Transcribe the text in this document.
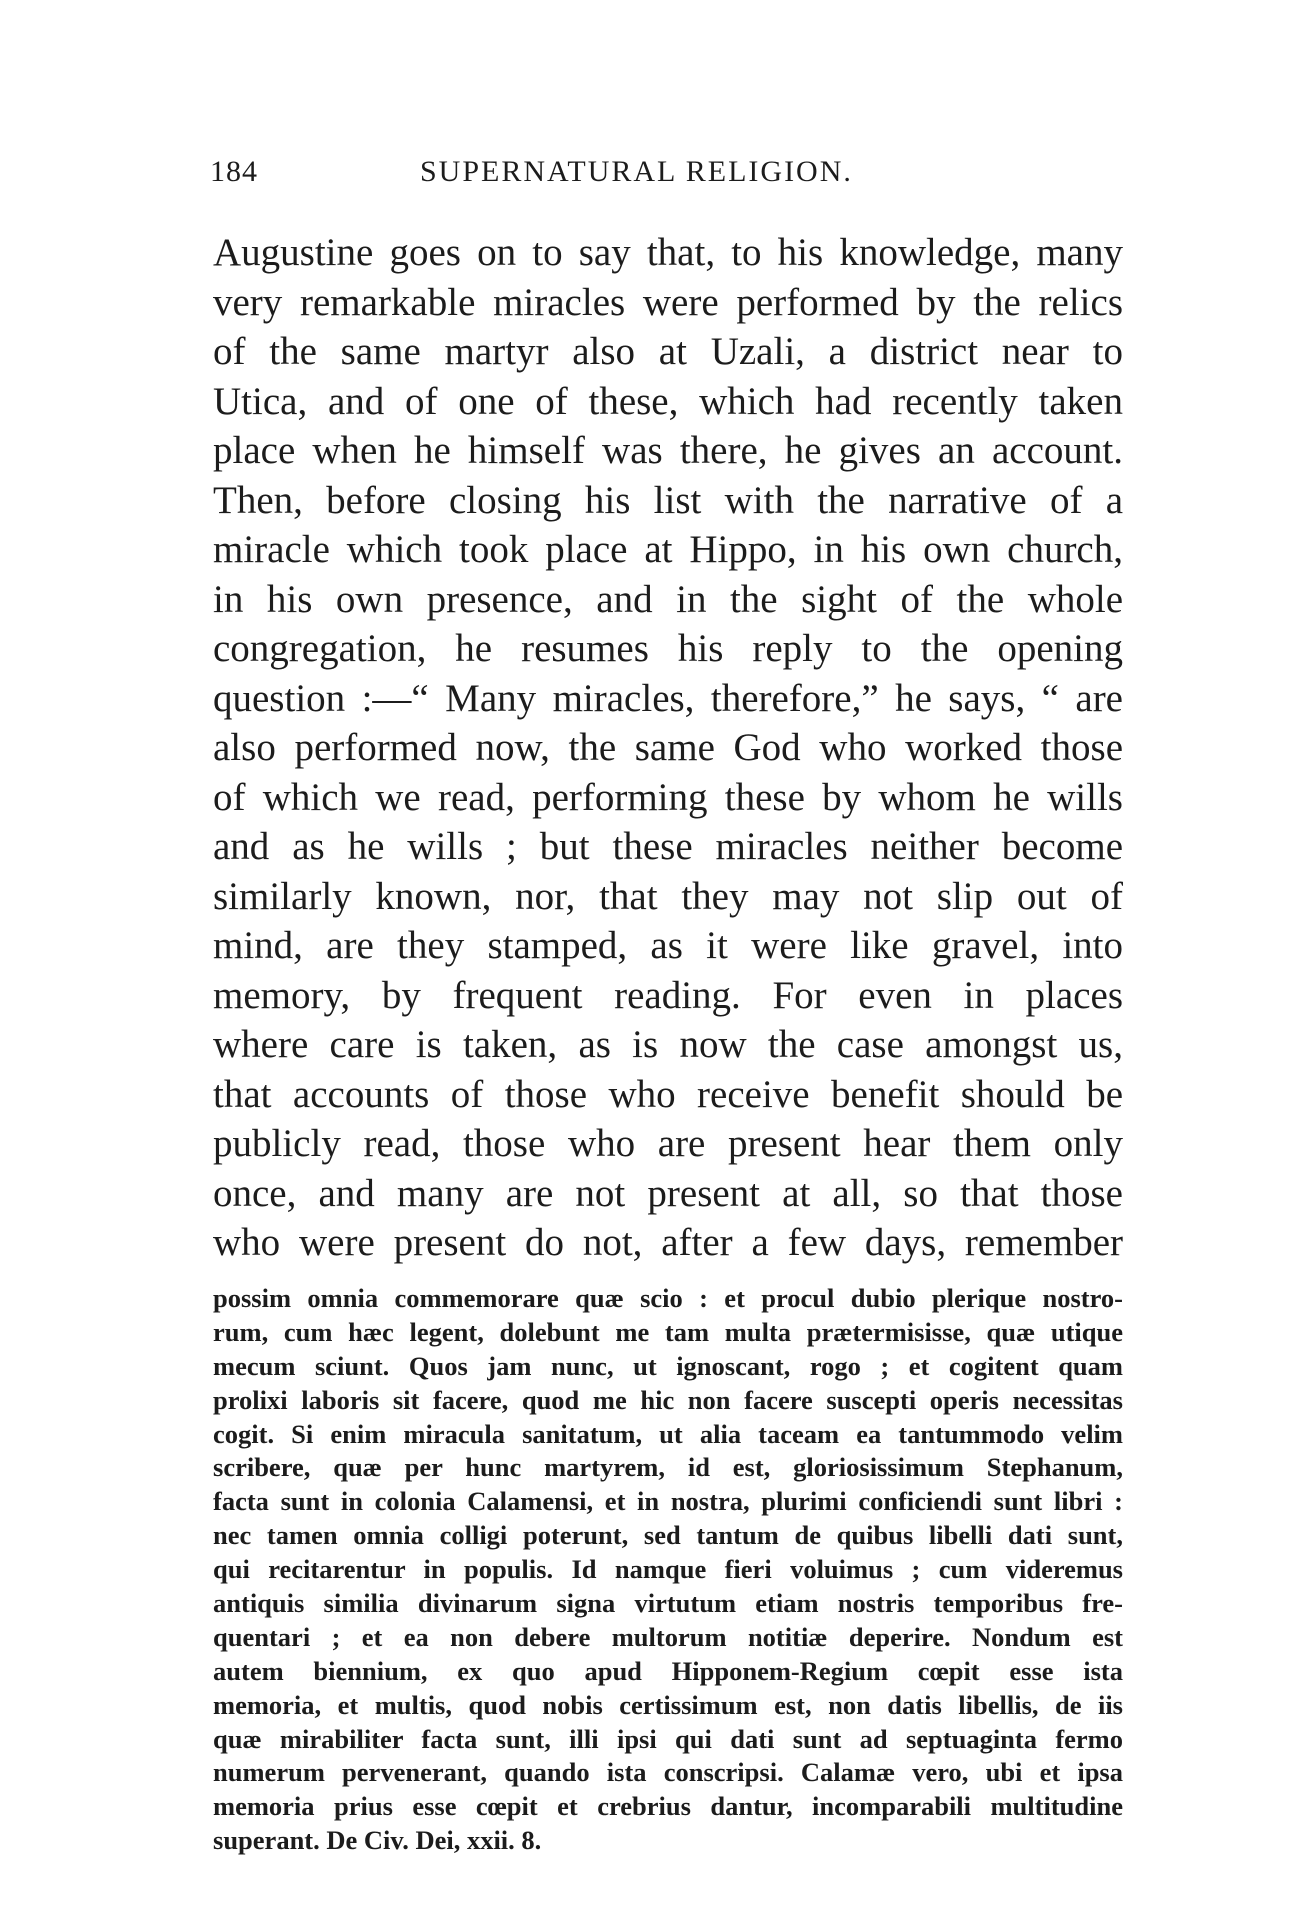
184	SUPERNATURAL RELIGION.
Augustine goes on to say that, to his knowledge, many
very remarkable miracles were performed by the relics
of the same martyr also at Uzali, a district near to
Utica, and of one of these, which had recently taken
place when he himself was there, he gives an account.
Then, before closing his list with the narrative of a
miracle which took place at Hippo, in his own church,
in his own presence, and in the sight of the whole
congregation, he resumes his reply to the opening
question :—“ Many miracles, therefore,” he says, “ are
also performed now, the same God who worked those
of which we read, performing these by whom he wills
and as he wills ; but these miracles neither become
similarly known, nor, that they may not slip out of
mind, are they stamped, as it were like gravel, into
memory, by frequent reading. For even in places
where care is taken, as is now the case amongst us,
that accounts of those who receive benefit should be
publicly read, those who are present hear them only
once, and many are not present at all, so that those
who were present do not, after a few days, remember
possim omnia commemorare quæ scio : et procul dubio plerique nostro-
rum, cum hæc legent, dolebunt me tam multa prætermisisse, quæ utique
mecum sciunt. Quos jam nunc, ut ignoscant, rogo ; et cogitent quam
prolixi laboris sit facere, quod me hic non facere suscepti operis necessitas
cogit. Si enim miracula sanitatum, ut alia taceam ea tantummodo velim
scribere, quæ per hunc martyrem, id est, gloriosissimum Stephanum,
facta sunt in colonia Calamensi, et in nostra, plurimi conficiendi sunt libri :
nec tamen omnia colligi poterunt, sed tantum de quibus libelli dati sunt,
qui recitarentur in populis. Id namque fieri voluimus ; cum videremus
antiquis similia divinarum signa virtutum etiam nostris temporibus fre-
quentari ; et ea non debere multorum notitiæ deperire. Nondum est
autem biennium, ex quo apud Hipponem-Regium cœpit esse ista
memoria, et multis, quod nobis certissimum est, non datis libellis, de iis
quæ mirabiliter facta sunt, illi ipsi qui dati sunt ad septuaginta fermo
numerum pervenerant, quando ista conscripsi. Calamæ vero, ubi et ipsa
memoria prius esse cœpit et crebrius dantur, incomparabili multitudine
superant. De Civ. Dei, xxii. 8.
